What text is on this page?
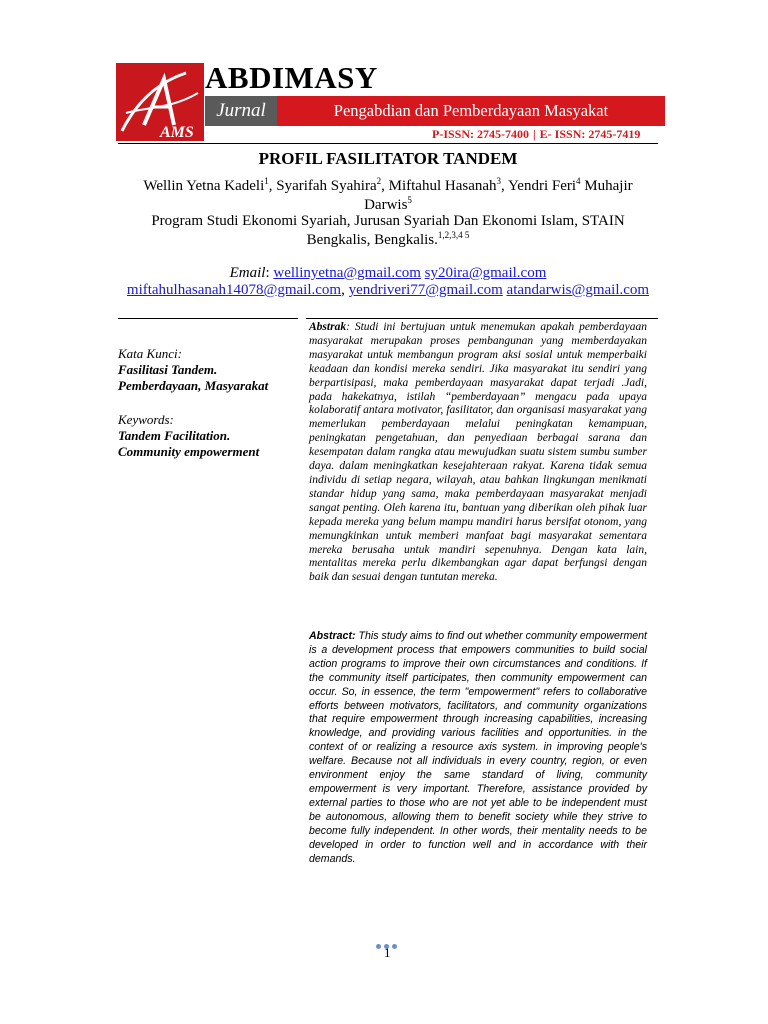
AMS
ABDIMASY
Jurnal	Pengabdian dan Pemberdayaan Masyakat
P-ISSN: 2745-7400 | E- ISSN: 2745-7419
PROFIL FASILITATOR TANDEM
Wellin Yetna Kadeli$^1$, Syarifah Syahira$^2$, Miftahul Hasanah$^3$, Yendri Feri$^4$ Muhajir Darwis$^5$
Program Studi Ekonomi Syariah, Jurusan Syariah Dan Ekonomi Islam, STAIN Bengkalis, Bengkalis.$^{1,2,3,4 5}$
Email: wellinyetna@gmail.com sy20ira@gmail.com
miftahulhasanah14078@gmail.com, yendriveri77@gmail.com atandarwis@gmail.com
Kata Kunci:
Fasilitasi Tandem.
Pemberdayaan, Masyarakat
Keywords:
Tandem Facilitation.
Community empowerment
Abstrak: Studi ini bertujuan untuk menemukan apakah pemberdayaan masyarakat merupakan proses pembangunan yang memberdayakan masyarakat untuk membangun program aksi sosial untuk memperbaiki keadaan dan kondisi mereka sendiri. Jika masyarakat itu sendiri yang berpartisipasi, maka pemberdayaan masyarakat dapat terjadi .Jadi, pada hakekatnya, istilah “pemberdayaan” mengacu pada upaya kolaboratif antara motivator, fasilitator, dan organisasi masyarakat yang memerlukan pemberdayaan melalui peningkatan kemampuan, peningkatan pengetahuan, dan penyediaan berbagai sarana dan kesempatan dalam rangka atau mewujudkan suatu sistem sumbu sumber daya. dalam meningkatkan kesejahteraan rakyat. Karena tidak semua individu di setiap negara, wilayah, atau bahkan lingkungan menikmati standar hidup yang sama, maka pemberdayaan masyarakat menjadi sangat penting. Oleh karena itu, bantuan yang diberikan oleh pihak luar kepada mereka yang belum mampu mandiri harus bersifat otonom, yang memungkinkan untuk memberi manfaat bagi masyarakat sementara mereka berusaha untuk mandiri sepenuhnya. Dengan kata lain, mentalitas mereka perlu dikembangkan agar dapat berfungsi dengan baik dan sesuai dengan tuntutan mereka.
Abstract: This study aims to find out whether community empowerment is a development process that empowers communities to build social action programs to improve their own circumstances and conditions. If the community itself participates, then community empowerment can occur. So, in essence, the term "empowerment" refers to collaborative efforts between motivators, facilitators, and community organizations that require empowerment through increasing capabilities, increasing knowledge, and providing various facilities and opportunities. in the context of or realizing a resource axis system. in improving people's welfare. Because not all individuals in every country, region, or even environment enjoy the same standard of living, community empowerment is very important. Therefore, assistance provided by external parties to those who are not yet able to be independent must be autonomous, allowing them to benefit society while they strive to become fully independent. In other words, their mentality needs to be developed in order to function well and in accordance with their demands.
1
